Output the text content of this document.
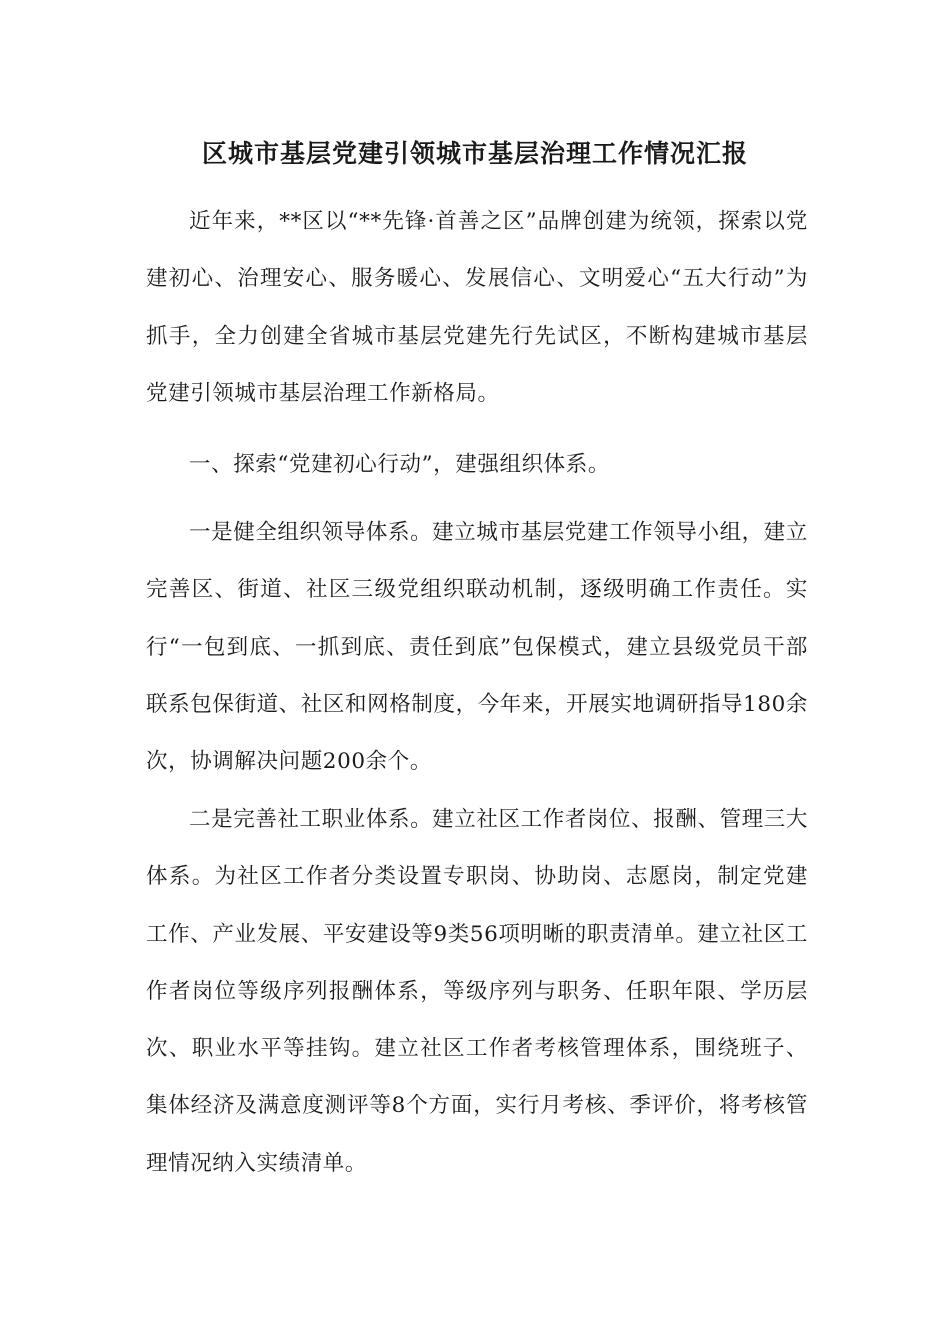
区城市基层党建引领城市基层治理工作情况汇报

近年来，**区以“**先锋·首善之区”品牌创建为统领，探索以党建初心、治理安心、服务暖心、发展信心、文明爱心“五大行动”为抓手，全力创建全省城市基层党建先行先试区，不断构建城市基层党建引领城市基层治理工作新格局。

一、探索“党建初心行动”，建强组织体系。

一是健全组织领导体系。建立城市基层党建工作领导小组，建立完善区、街道、社区三级党组织联动机制，逐级明确工作责任。实行“一包到底、一抓到底、责任到底”包保模式，建立县级党员干部联系包保街道、社区和网格制度，今年来，开展实地调研指导180余次，协调解决问题200余个。

二是完善社工职业体系。建立社区工作者岗位、报酬、管理三大体系。为社区工作者分类设置专职岗、协助岗、志愿岗，制定党建工作、产业发展、平安建设等9类56项明晰的职责清单。建立社区工作者岗位等级序列报酬体系，等级序列与职务、任职年限、学历层次、职业水平等挂钩。建立社区工作者考核管理体系，围绕班子、集体经济及满意度测评等8个方面，实行月考核、季评价，将考核管理情况纳入实绩清单。
